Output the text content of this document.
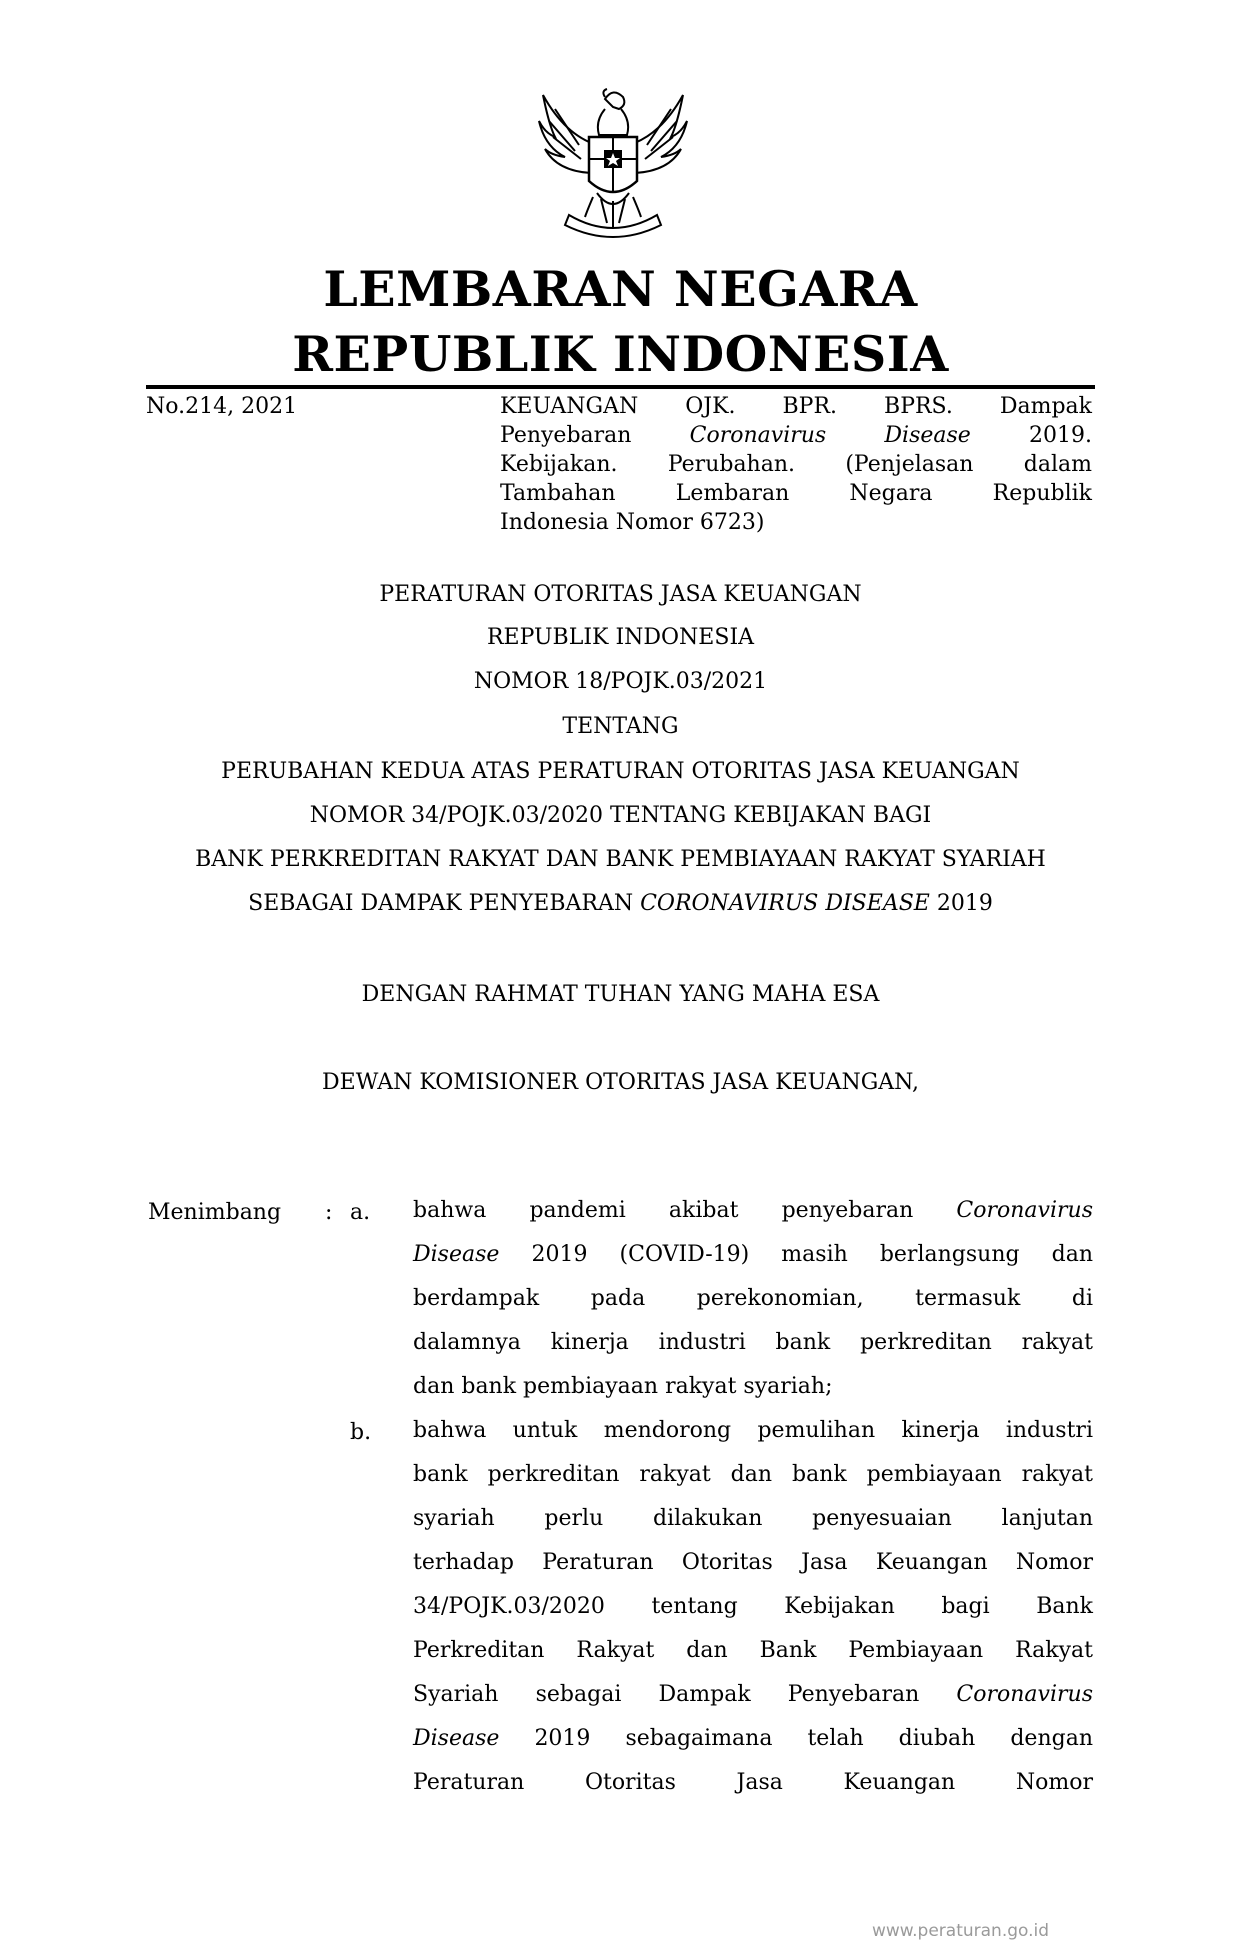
LEMBARAN NEGARA
REPUBLIK INDONESIA
No.214, 2021	KEUANGAN OJK. BPR. BPRS. Dampak
Penyebaran Coronavirus	Disease 2019.
Kebijakan. Perubahan. (Penjelasan dalam
Tambahan Lembaran Negara Republik
Indonesia Nomor 6723)
PERATURAN OTORITAS JASA KEUANGAN
REPUBLIK INDONESIA
NOMOR 18/POJK.03/2021
TENTANG
PERUBAHAN KEDUA ATAS PERATURAN OTORITAS JASA KEUANGAN
NOMOR 34/POJK.03/2020 TENTANG KEBIJAKAN BAGI
BANK PERKREDITAN RAKYAT DAN BANK PEMBIAYAAN RAKYAT SYARIAH
SEBAGAI DAMPAK PENYEBARAN CORONAVIRUS DISEASE 2019
DENGAN RAHMAT TUHAN YANG MAHA ESA
DEWAN KOMISIONER OTORITAS JASA KEUANGAN,
Menimbang : a. bahwa pandemi akibat penyebaran Coronavirus
Disease 2019 (COVID-19) masih berlangsung dan
berdampak pada perekonomian, termasuk di
dalamnya kinerja industri bank perkreditan rakyat
dan bank pembiayaan rakyat syariah;
b. bahwa untuk mendorong pemulihan kinerja industri
bank perkreditan rakyat dan bank pembiayaan rakyat
syariah perlu dilakukan penyesuaian lanjutan
terhadap Peraturan Otoritas Jasa Keuangan Nomor
34/POJK.03/2020 tentang Kebijakan bagi Bank
Perkreditan Rakyat dan Bank Pembiayaan Rakyat
Syariah sebagai Dampak Penyebaran Coronavirus
Disease 2019 sebagaimana telah diubah dengan
Peraturan Otoritas Jasa Keuangan Nomor
www.peraturan.go.id
